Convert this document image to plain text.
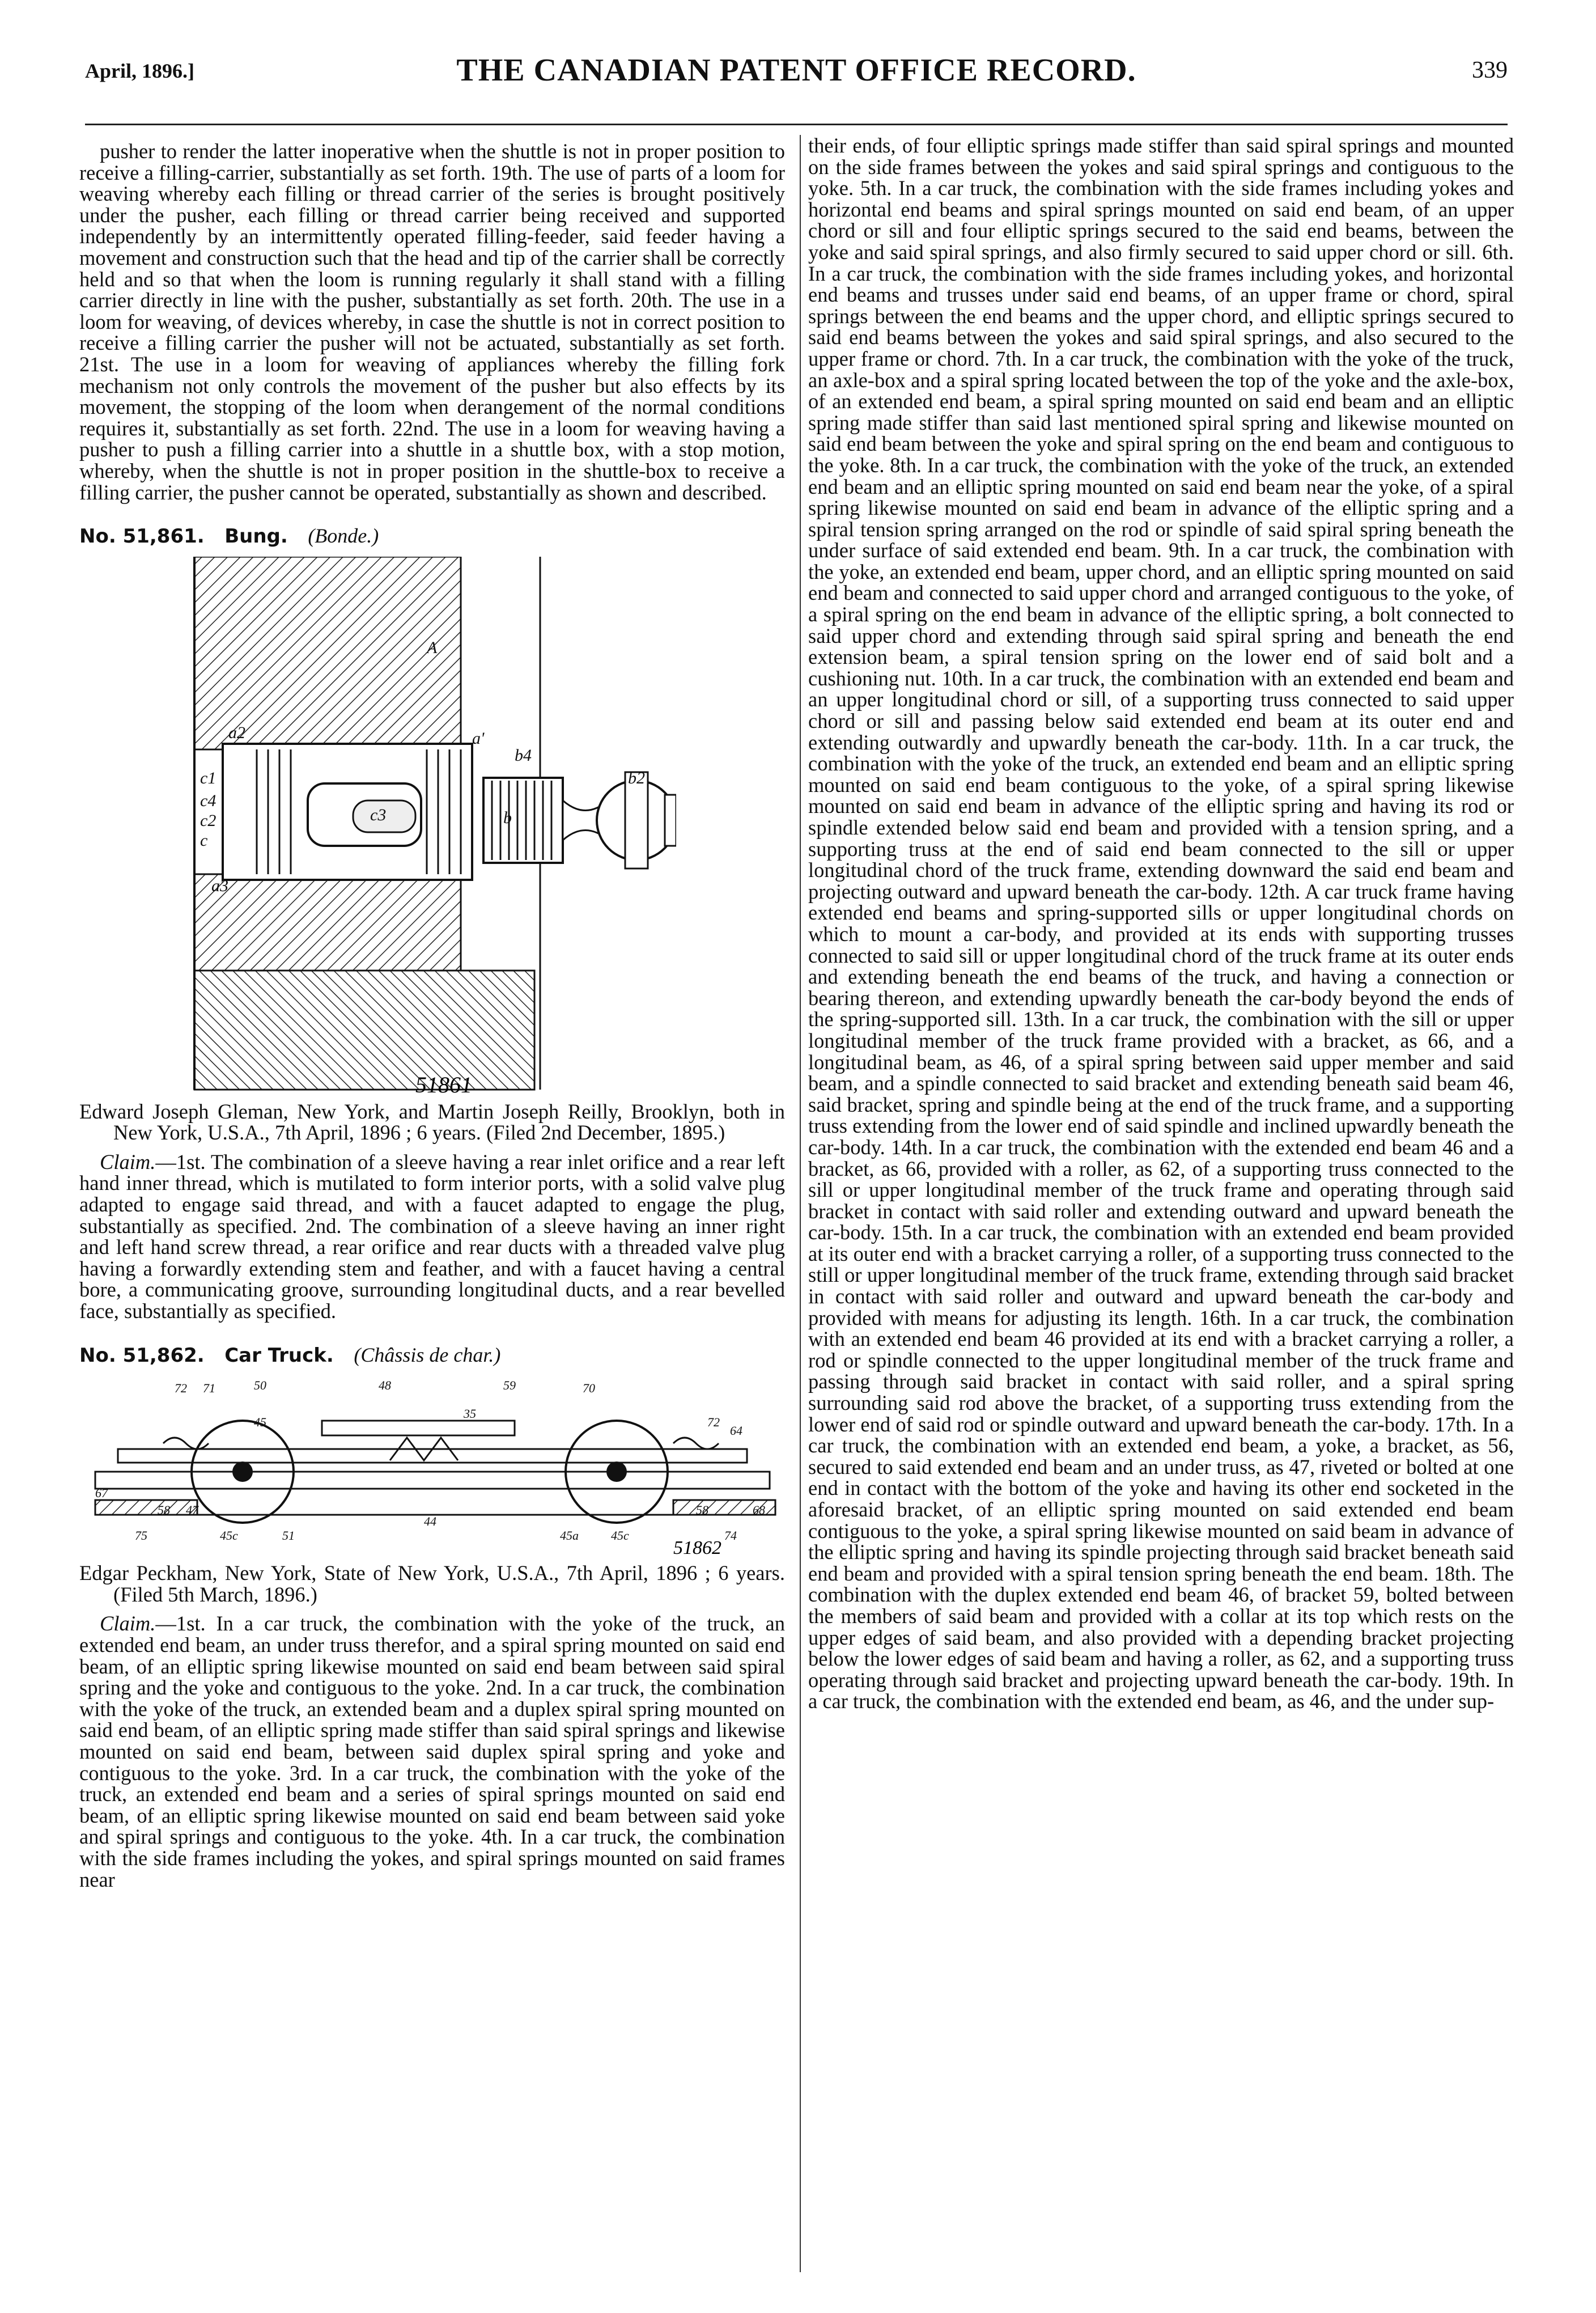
April, 1896.]	THE CANADIAN PATENT OFFICE RECORD.	339

pusher to render the latter inoperative when the shuttle is not in proper position to receive a filling-carrier, substantially as set forth. 19th. The use of parts of a loom for weaving whereby each filling or thread carrier of the series is brought positively under the pusher, each filling or thread carrier being received and supported independently by an intermittently operated filling-feeder, said feeder having a movement and construction such that the head and tip of the carrier shall be correctly held and so that when the loom is running regularly it shall stand with a filling carrier directly in line with the pusher, substantially as set forth. 20th. The use in a loom for weaving, of devices whereby, in case the shuttle is not in correct position to receive a filling carrier the pusher will not be actuated, substantially as set forth. 21st. The use in a loom for weaving of appliances whereby the filling fork mechanism not only controls the movement of the pusher but also effects by its movement, the stopping of the loom when derangement of the normal conditions requires it, substantially as set forth. 22nd. The use in a loom for weaving having a pusher to push a filling carrier into a shuttle in a shuttle box, with a stop motion, whereby, when the shuttle is not in proper position in the shuttle-box to receive a filling carrier, the pusher cannot be operated, substantially as shown and described.

No. 51,861. Bung. (Bonde.)
A
a2	a'
b4
c1
c4
c2
c
a3
c3	b
b2
51861

Edward Joseph Gleman, New York, and Martin Joseph Reilly, Brooklyn, both in New York, U.S.A., 7th April, 1896 ; 6 years. (Filed 2nd December, 1895.)

Claim.—1st. The combination of a sleeve having a rear inlet orifice and a rear left hand inner thread, which is mutilated to form interior ports, with a solid valve plug adapted to engage said thread, and with a faucet adapted to engage the plug, substantially as specified. 2nd. The combination of a sleeve having an inner right and left hand screw thread, a rear orifice and rear ducts with a threaded valve plug having a forwardly extending stem and feather, and with a faucet having a central bore, a communicating groove, surrounding longitudinal ducts, and a rear bevelled face, substantially as specified.

No. 51,862. Car Truck. (Châssis de char.)
72 71	50	48	59	70
45
35
72
64
67
58 47
44
58	68
75	45c	51	45a	45c	74
51862

Edgar Peckham, New York, State of New York, U.S.A., 7th April, 1896 ; 6 years. (Filed 5th March, 1896.)

Claim.—1st. In a car truck, the combination with the yoke of the truck, an extended end beam, an under truss therefor, and a spiral spring mounted on said end beam, of an elliptic spring likewise mounted on said end beam between said spiral spring and the yoke and contiguous to the yoke. 2nd. In a car truck, the combination with the yoke of the truck, an extended beam and a duplex spiral spring mounted on said end beam, of an elliptic spring made stiffer than said spiral springs and likewise mounted on said end beam, between said duplex spiral spring and yoke and contiguous to the yoke. 3rd. In a car truck, the combination with the yoke of the truck, an extended end beam and a series of spiral springs mounted on said end beam, of an elliptic spring likewise mounted on said end beam between said yoke and spiral springs and contiguous to the yoke. 4th. In a car truck, the combination with the side frames including the yokes, and spiral springs mounted on said frames near

their ends, of four elliptic springs made stiffer than said spiral springs and mounted on the side frames between the yokes and said spiral springs and contiguous to the yoke. 5th. In a car truck, the combination with the side frames including yokes and horizontal end beams and spiral springs mounted on said end beam, of an upper chord or sill and four elliptic springs secured to the said end beams, between the yoke and said spiral springs, and also firmly secured to said upper chord or sill. 6th. In a car truck, the combination with the side frames including yokes, and horizontal end beams and trusses under said end beams, of an upper frame or chord, spiral springs between the end beams and the upper chord, and elliptic springs secured to said end beams between the yokes and said spiral springs, and also secured to the upper frame or chord. 7th. In a car truck, the combination with the yoke of the truck, an axle-box and a spiral spring located between the top of the yoke and the axle-box, of an extended end beam, a spiral spring mounted on said end beam and an elliptic spring made stiffer than said last mentioned spiral spring and likewise mounted on said end beam between the yoke and spiral spring on the end beam and contiguous to the yoke. 8th. In a car truck, the combination with the yoke of the truck, an extended end beam and an elliptic spring mounted on said end beam near the yoke, of a spiral spring likewise mounted on said end beam in advance of the elliptic spring and a spiral tension spring arranged on the rod or spindle of said spiral spring beneath the under surface of said extended end beam. 9th. In a car truck, the combination with the yoke, an extended end beam, upper chord, and an elliptic spring mounted on said end beam and connected to said upper chord and arranged contiguous to the yoke, of a spiral spring on the end beam in advance of the elliptic spring, a bolt connected to said upper chord and extending through said spiral spring and beneath the end extension beam, a spiral tension spring on the lower end of said bolt and a cushioning nut. 10th. In a car truck, the combination with an extended end beam and an upper longitudinal chord or sill, of a supporting truss connected to said upper chord or sill and passing below said extended end beam at its outer end and extending outwardly and upwardly beneath the car-body. 11th. In a car truck, the combination with the yoke of the truck, an extended end beam and an elliptic spring mounted on said end beam contiguous to the yoke, of a spiral spring likewise mounted on said end beam in advance of the elliptic spring and having its rod or spindle extended below said end beam and provided with a tension spring, and a supporting truss at the end of said end beam connected to the sill or upper longitudinal chord of the truck frame, extending downward the said end beam and projecting outward and upward beneath the car-body. 12th. A car truck frame having extended end beams and spring-supported sills or upper longitudinal chords on which to mount a car-body, and provided at its ends with supporting trusses connected to said sill or upper longitudinal chord of the truck frame at its outer ends and extending beneath the end beams of the truck, and having a connection or bearing thereon, and extending upwardly beneath the car-body beyond the ends of the spring-supported sill. 13th. In a car truck, the combination with the sill or upper longitudinal member of the truck frame provided with a bracket, as 66, and a longitudinal beam, as 46, of a spiral spring between said upper member and said beam, and a spindle connected to said bracket and extending beneath said beam 46, said bracket, spring and spindle being at the end of the truck frame, and a supporting truss extending from the lower end of said spindle and inclined upwardly beneath the car-body. 14th. In a car truck, the combination with the extended end beam 46 and a bracket, as 66, provided with a roller, as 62, of a supporting truss connected to the sill or upper longitudinal member of the truck frame and operating through said bracket in contact with said roller and extending outward and upward beneath the car-body. 15th. In a car truck, the combination with an extended end beam provided at its outer end with a bracket carrying a roller, of a supporting truss connected to the still or upper longitudinal member of the truck frame, extending through said bracket in contact with said roller and outward and upward beneath the car-body and provided with means for adjusting its length. 16th. In a car truck, the combination with an extended end beam 46 provided at its end with a bracket carrying a roller, a rod or spindle connected to the upper longitudinal member of the truck frame and passing through said bracket in contact with said roller, and a spiral spring surrounding said rod above the bracket, of a supporting truss extending from the lower end of said rod or spindle outward and upward beneath the car-body. 17th. In a car truck, the combination with an extended end beam, a yoke, a bracket, as 56, secured to said extended end beam and an under truss, as 47, riveted or bolted at one end in contact with the bottom of the yoke and having its other end socketed in the aforesaid bracket, of an elliptic spring mounted on said extended end beam contiguous to the yoke, a spiral spring likewise mounted on said beam in advance of the elliptic spring and having its spindle projecting through said bracket beneath said end beam and provided with a spiral tension spring beneath the end beam. 18th. The combination with the duplex extended end beam 46, of bracket 59, bolted between the members of said beam and provided with a collar at its top which rests on the upper edges of said beam, and also provided with a depending bracket projecting below the lower edges of said beam and having a roller, as 62, and a supporting truss operating through said bracket and projecting upward beneath the car-body. 19th. In a car truck, the combination with the extended end beam, as 46, and the under sup-
